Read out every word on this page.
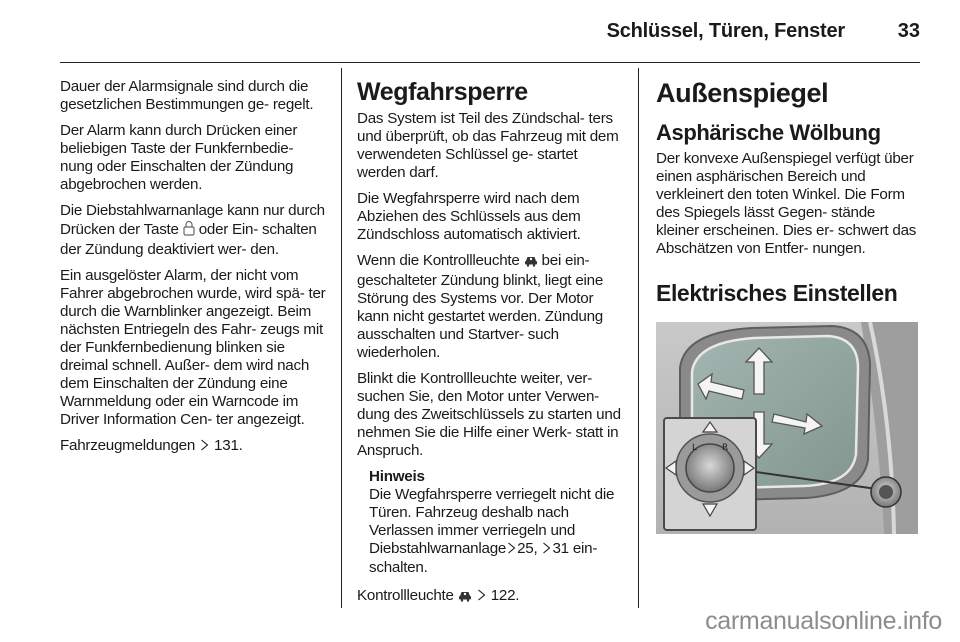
Schlüssel, Türen, Fenster	33

Dauer der Alarmsignale sind durch die gesetzlichen Bestimmungen ge‑ regelt.

Der Alarm kann durch Drücken einer beliebigen Taste der Funkfernbedie‑ nung oder Einschalten der Zündung abgebrochen werden.

Die Diebstahlwarnanlage kann nur durch Drücken der Taste oder Ein‑ schalten der Zündung deaktiviert wer‑ den.

Ein ausgelöster Alarm, der nicht vom Fahrer abgebrochen wurde, wird spä‑ ter durch die Warnblinker angezeigt. Beim nächsten Entriegeln des Fahr‑ zeugs mit der Funkfernbedienung blinken sie dreimal schnell. Außer‑ dem wird nach dem Einschalten der Zündung eine Warnmeldung oder ein Warncode im Driver Information Cen‑ ter angezeigt.

Fahrzeugmeldungen 131.

Wegfahrsperre

Das System ist Teil des Zündschal‑ ters und überprüft, ob das Fahrzeug mit dem verwendeten Schlüssel ge‑ startet werden darf.

Die Wegfahrsperre wird nach dem Abziehen des Schlüssels aus dem Zündschloss automatisch aktiviert.

Wenn die Kontrollleuchte bei ein‑ geschalteter Zündung blinkt, liegt eine Störung des Systems vor. Der Motor kann nicht gestartet werden. Zündung ausschalten und Startver‑ such wiederholen.

Blinkt die Kontrollleuchte weiter, ver‑ suchen Sie, den Motor unter Verwen‑ dung des Zweitschlüssels zu starten und nehmen Sie die Hilfe einer Werk‑ statt in Anspruch.

Hinweis
Die Wegfahrsperre verriegelt nicht die Türen. Fahrzeug deshalb nach Verlassen immer verriegeln und Diebstahlwarnanlage 25, 31 ein‑ schalten.

Kontrollleuchte 122.

Außenspiegel
Asphärische Wölbung

Der konvexe Außenspiegel verfügt über einen asphärischen Bereich und verkleinert den toten Winkel. Die Form des Spiegels lässt Gegen‑ stände kleiner erscheinen. Dies er‑ schwert das Abschätzen von Entfer‑ nungen.

Elektrisches Einstellen
L	R
carmanualsonline.info
